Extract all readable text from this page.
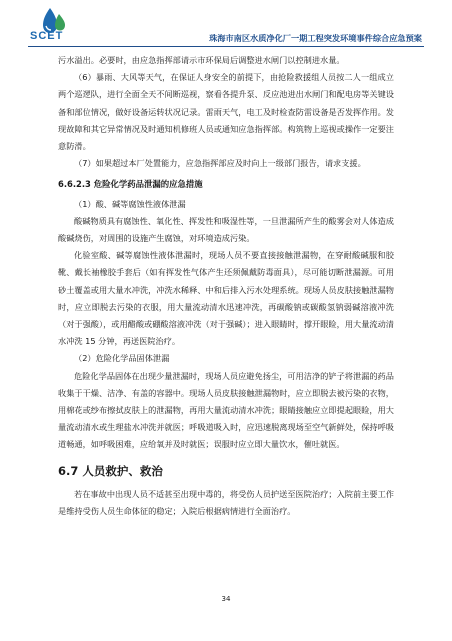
SCET	珠海市南区水质净化厂一期工程突发环境事件综合应急预案

污水溢出。必要时，由应急指挥部请示市环保局后调整进水闸门以控制进水量。

（6）暴雨、大风等天气，在保证人身安全的前提下，由抢险救援组人员按二人一组成立两个巡逻队，进行全面全天不间断巡视，察看各提升泵、反应池进出水闸门和配电房等关键设备和部位情况，做好设备运转状况记录。雷雨天气，电工及时检查防雷设备是否发挥作用。发现故障和其它异常情况及时通知机修班人员或通知应急指挥部。构筑物上巡视或操作一定要注意防滑。

（7）如果超过本厂处置能力，应急指挥部应及时向上一级部门报告，请求支援。

6.6.2.3 危险化学药品泄漏的应急措施

（1）酸、碱等腐蚀性液体泄漏

酸碱物质具有腐蚀性、氧化性、挥发性和吸湿性等，一旦泄漏所产生的酸雾会对人体造成酸碱烧伤，对周围的设施产生腐蚀，对环境造成污染。

化验室酸、碱等腐蚀性液体泄漏时，现场人员不要直接接触泄漏物，在穿耐酸碱服和胶靴、戴长袖橡胶手套后（如有挥发性气体产生还须佩戴防毒面具），尽可能切断泄漏源。可用砂土覆盖或用大量水冲洗，冲洗水稀释、中和后排入污水处理系统。现场人员皮肤接触泄漏物时，应立即脱去污染的衣服，用大量流动清水迅速冲洗，再碳酸钠或碳酸氢钠弱碱溶液冲洗（对于强酸），或用醋酸或硼酸溶液冲洗（对于强碱）；进入眼睛时，撑开眼睑，用大量流动清水冲洗 15 分钟，再送医院治疗。

（2）危险化学品固体泄漏

危险化学品固体在出现少量泄漏时，现场人员应避免扬尘，可用洁净的铲子将泄漏的药品收集于干燥、洁净、有盖的容器中。现场人员皮肤接触泄漏物时，应立即脱去被污染的衣物，用棉花或纱布擦拭皮肤上的泄漏物，再用大量流动清水冲洗；眼睛接触应立即提起眼睑，用大量流动清水或生理盐水冲洗并就医；呼吸道吸入时，应迅速脱离现场至空气新鲜处，保持呼吸道畅通，如呼吸困难，应给氧并及时就医；误服时应立即大量饮水，催吐就医。

6.7 人员救护、救治

若在事故中出现人员不适甚至出现中毒的，将受伤人员护送至医院治疗；入院前主要工作是维持受伤人员生命体征的稳定；入院后根据病情进行全面治疗。

34
